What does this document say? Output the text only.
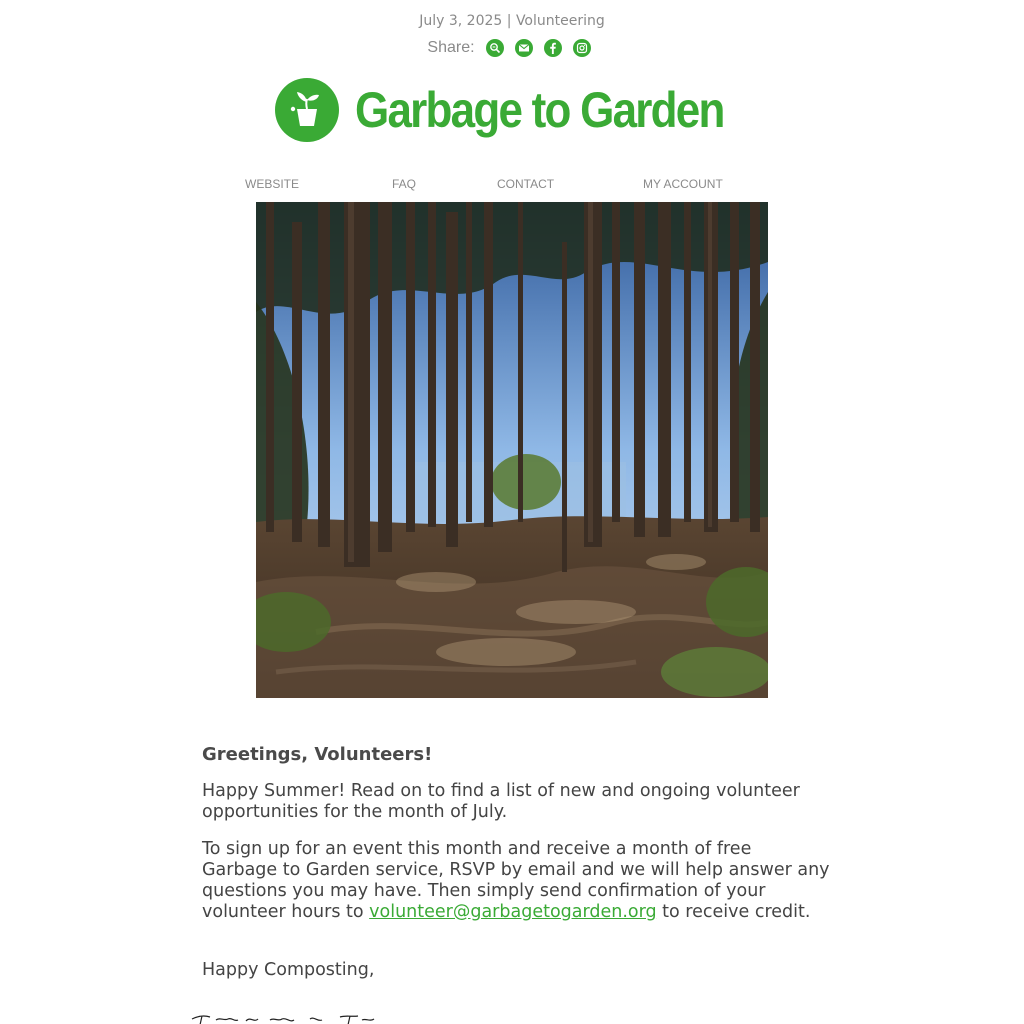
July 3, 2025 | Volunteering
Share:
Garbage to Garden
WEBSITE	FAQ	CONTACT	MY ACCOUNT
Greetings, Volunteers!

Happy Summer! Read on to find a list of new and ongoing volunteer opportunities for the month of July.

To sign up for an event this month and receive a month of free Garbage to Garden service, RSVP by email and we will help answer any questions you may have. Then simply send confirmation of your volunteer hours to volunteer@garbagetogarden.org to receive credit.

Happy Composting,
